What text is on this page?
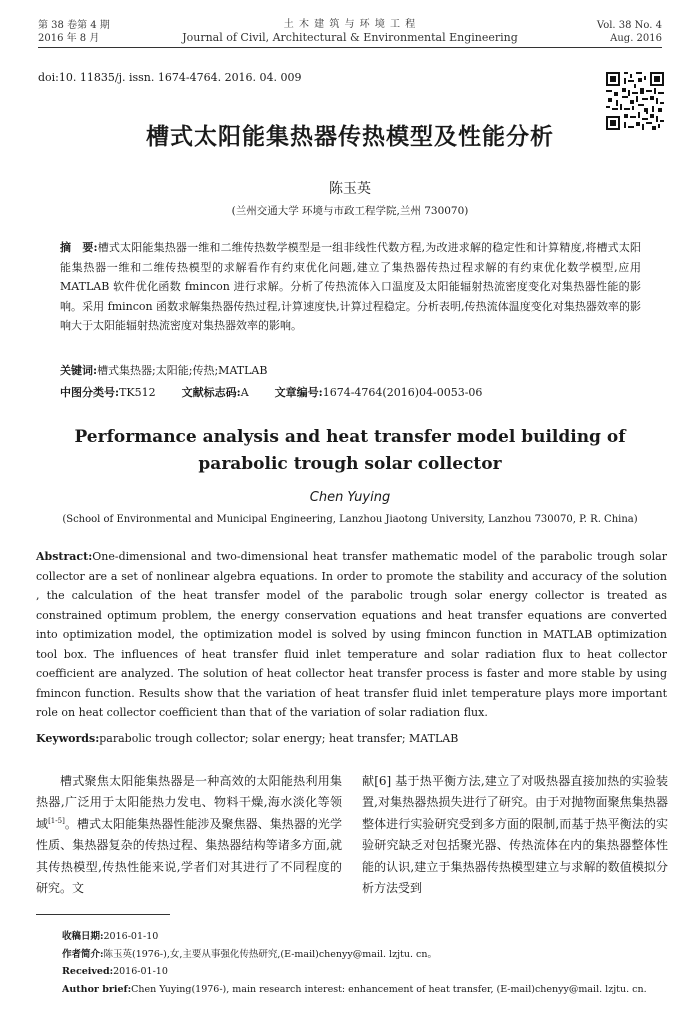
第 38 卷第 4 期
2016 年 8 月
土 木 建 筑 与 环 境 工 程
Journal of Civil, Architectural & Environmental Engineering
Vol. 38 No. 4
Aug. 2016
doi:10. 11835/j. issn. 1674-4764. 2016. 04. 009
槽式太阳能集热器传热模型及性能分析
陈玉英
(兰州交通大学 环境与市政工程学院,兰州 730070)
摘　要:槽式太阳能集热器一维和二维传热数学模型是一组非线性代数方程,为改进求解的稳定性和计算精度,将槽式太阳能集热器一维和二维传热模型的求解看作有约束优化问题,建立了集热器传热过程求解的有约束优化数学模型,应用 MATLAB 软件优化函数 fmincon 进行求解。分析了传热流体入口温度及太阳能辐射热流密度变化对集热器性能的影响。采用 fmincon 函数求解集热器传热过程,计算速度快,计算过程稳定。分析表明,传热流体温度变化对集热器效率的影响大于太阳能辐射热流密度对集热器效率的影响。
关键词:槽式集热器;太阳能;传热;MATLAB
中图分类号:TK512 文献标志码:A 文章编号:1674-4764(2016)04-0053-06
Performance analysis and heat transfer model building of parabolic trough solar collector
Chen Yuying
(School of Environmental and Municipal Engineering, Lanzhou Jiaotong University, Lanzhou 730070, P. R. China)
Abstract:One-dimensional and two-dimensional heat transfer mathematic model of the parabolic trough solar collector are a set of nonlinear algebra equations. In order to promote the stability and accuracy of the solution , the calculation of the heat transfer model of the parabolic trough solar energy collector is treated as constrained optimum problem, the energy conservation equations and heat transfer equations are converted into optimization model, the optimization model is solved by using fmincon function in MATLAB optimization tool box. The influences of heat transfer fluid inlet temperature and solar radiation flux to heat collector coefficient are analyzed. The solution of heat collector heat transfer process is faster and more stable by using fmincon function. Results show that the variation of heat transfer fluid inlet temperature plays more important role on heat collector coefficient than that of the variation of solar radiation flux.
Keywords:parabolic trough collector; solar energy; heat transfer; MATLAB
槽式聚焦太阳能集热器是一种高效的太阳能热利用集热器,广泛用于太阳能热力发电、物料干燥,海水淡化等领域[1-5]。槽式太阳能集热器性能涉及聚焦器、集热器的光学性质、集热器复杂的传热过程、集热器结构等诸多方面,就其传热模型,传热性能来说,学者们对其进行了不同程度的研究。文
献[6] 基于热平衡方法,建立了对吸热器直接加热的实验装置,对集热器热损失进行了研究。由于对抛物面聚焦集热器整体进行实验研究受到多方面的限制,而基于热平衡法的实验研究缺乏对包括聚光器、传热流体在内的集热器整体性能的认识,建立于集热器传热模型建立与求解的数值模拟分析方法受到
收稿日期:2016-01-10
作者简介:陈玉英(1976-),女,主要从事强化传热研究,(E-mail)chenyy@mail. lzjtu. cn。
Received:2016-01-10
Author brief:Chen Yuying(1976-), main research interest: enhancement of heat transfer, (E-mail)chenyy@mail. lzjtu. cn.
